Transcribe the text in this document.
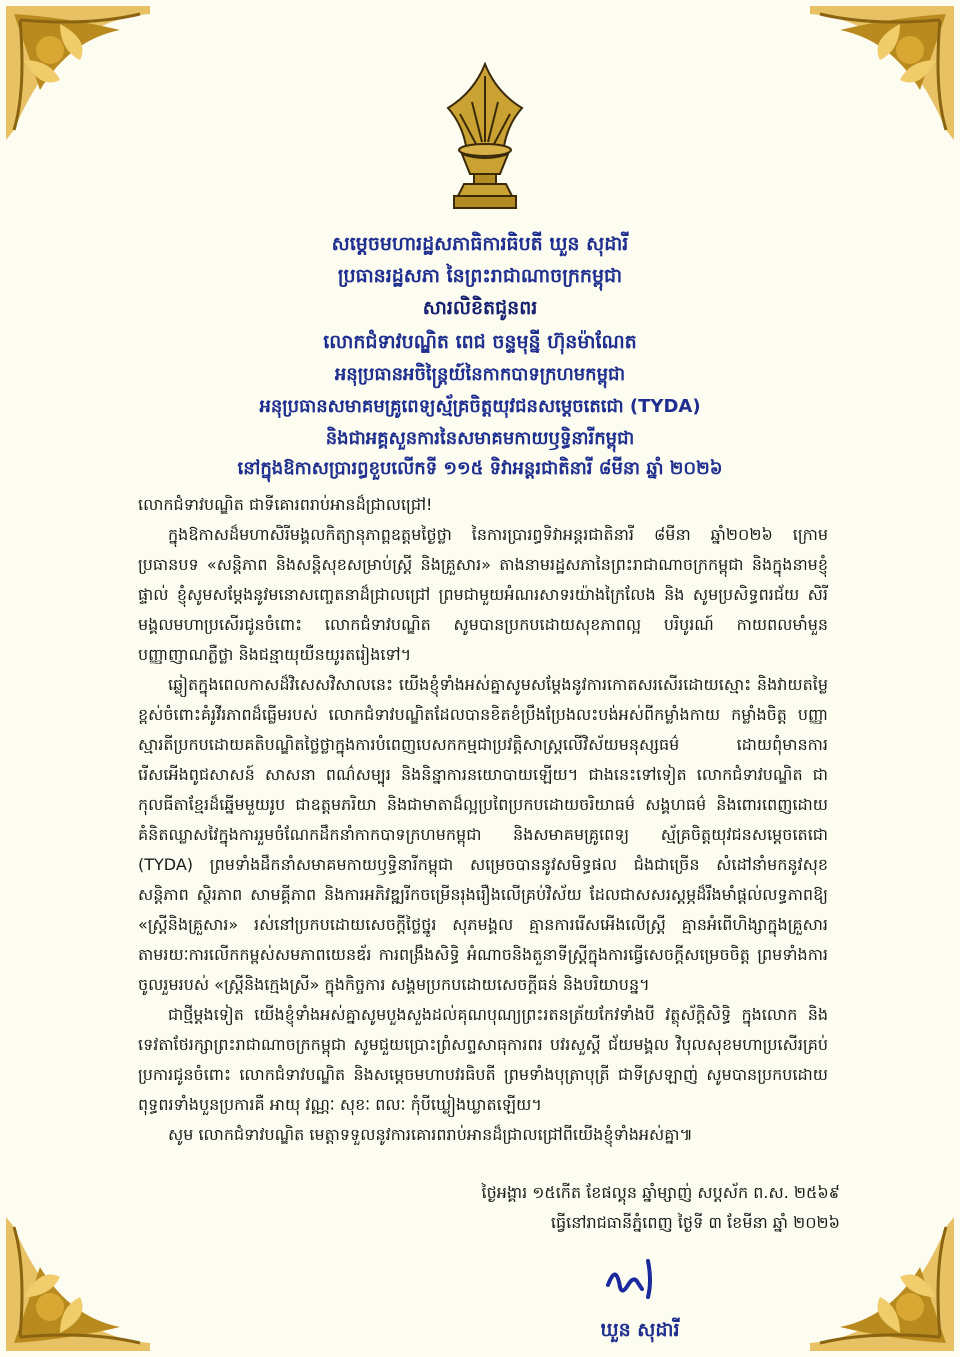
សម្តេចមហារដ្ឋសភាធិការធិបតី ឃួន សុដារី
ប្រធានរដ្ឋសភា នៃព្រះរាជាណាចក្រកម្ពុជា
សារលិខិតជូនពរ
លោកជំទាវបណ្ឌិត ពេជ ចន្ទមុន្នី ហ៊ុនម៉ាណែត
អនុប្រធានអចិន្ត្រៃយ៍នៃកាកបាទក្រហមកម្ពុជា
អនុប្រធានសមាគមគ្រូពេទ្យស្ម័គ្រចិត្តយុវជនសម្តេចតេជោ (TYDA)
និងជាអគ្គសួនការនៃសមាគមកាយឫទ្ធិនារីកម្ពុជា
នៅក្នុងឱកាសប្រារព្ធខួបលើកទី ១១៥ ទិវាអន្តរជាតិនារី ៨មីនា ឆ្នាំ ២០២៦

លោកជំទាវបណ្ឌិត ជាទីគោរពរាប់អានដ៏ជ្រាលជ្រៅ!

ក្នុងឱកាសដ៏មហាសិរីមង្គលកិត្យានុភាព្ពឧត្តមថ្ងៃថ្លា នៃការប្រារព្ធទិវាអន្តរជាតិនារី ៨មីនា ឆ្នាំ២០២៦ ក្រោមប្រធានបទ «សន្តិភាព និងសន្តិសុខសម្រាប់ស្ត្រី និងគ្រួសារ» តាងនាមរដ្ឋសភានៃព្រះរាជាណាចក្រកម្ពុជា និងក្នុងនាមខ្ញុំផ្ទាល់ ខ្ញុំសូមសម្តែងនូវមនោសញ្ចេតនាដ៏ជ្រាលជ្រៅ ព្រមជាមួយអំណរសាទរយ៉ាងក្រៃលែង និង សូមប្រសិទ្ធពរជ័យ សិរីមង្គលមហាប្រសើរជូនចំពោះ លោកជំទាវបណ្ឌិត សូមបានប្រកបដោយសុខភាពល្អ បរិបូរណ៍ កាយពលមាំមួន បញ្ញាញាណភ្លឺថ្លា និងជន្មាយុយឺនយូរតរៀងទៅ។

ឆ្លៀតក្នុងពេលកាសដ៏វិសេសវិសាលនេះ យើងខ្ញុំទាំងអស់គ្នាសូមសម្តែងនូវការកោតសរសើរដោយស្មោះ និងវាយតម្លៃខ្ពស់ចំពោះគំរូវីរភាពដ៏ធ្លើមរបស់ លោកជំទាវបណ្ឌិតដែលបានខិតខំប្រឹងប្រែងលះបង់អស់ពីកម្លាំងកាយ កម្លាំងចិត្ត បញ្ញាស្មារតីប្រកបដោយគតិបណ្ឌិតថ្លៃថ្លាក្នុងការបំពេញបេសកកម្មជាប្រវត្តិសាស្ត្រលើវិស័យមនុស្សធម៌ ដោយពុំមានការរើសអើងពូជសាសន៍ សាសនា ពណ៌សម្បុរ និងនិន្នាការនយោបាយឡើយ។ ជាងនេះទៅទៀត លោកជំទាវបណ្ឌិត ជាកុលធីតាខ្មែរដ៏ឆ្នើមមួយរូប ជាឧត្តមភរិយា និងជាមាតាដ៏ល្អប្រពៃប្រកបដោយចរិយាធម៌ សង្គហធម៌ និងពោរពេញដោយគំនិតឈ្លាសវៃក្នុងការរួមចំណែកដឹកនាំកាកបាទក្រហមកម្ពុជា និងសមាគមគ្រូពេទ្យ ស្ម័គ្រចិត្តយុវជនសម្តេចតេជោ (TYDA) ព្រមទាំងដឹកនាំសមាគមកាយឫទ្ធិនារីកម្ពុជា សម្រេចបាននូវសមិទ្ធផល ជំងជាច្រើន សំដៅនាំមកនូវសុខសន្តិភាព ស្ថិរភាព សាមគ្គីភាព និងការអភិវឌ្ឍរីកចម្រើនរុងរឿងលើគ្រប់វិស័យ ដែលជាសសរស្តម្ភដ៏រឹងមាំផ្តល់លទ្ធភាពឱ្យ «ស្ត្រីនិងគ្រួសារ» រស់នៅប្រកបដោយសេចក្តីថ្លៃថ្នូរ សុភមង្គល គ្មានការរើសអើងលើស្ត្រី គ្មានអំពើហិង្សាក្នុងគ្រួសារ តាមរយៈការលើកកម្ពស់សមភាពយេនឌ័រ ការពង្រឹងសិទ្ធិ អំណាចនិងតួនាទីស្ត្រីក្នុងការធ្វើសេចក្តីសម្រេចចិត្ត ព្រមទាំងការចូលរួមរបស់ «ស្ត្រីនិងក្មេងស្រី» ក្នុងកិច្ចការ សង្គមប្រកបដោយសេចក្តីធន់ និងបរិយាបន្ន។

ជាថ្មីម្តងទៀត យើងខ្ញុំទាំងអស់គ្នាសូមបួងសួងដល់គុណបុណ្យព្រះរតនត្រ័យកែវទាំងបី វត្ថុស័ក្តិសិទ្ធិ ក្នុងលោក និងទេវតាថែរក្សាព្រះរាជាណាចក្រកម្ពុជា សូមជួយប្រោះព្រំសព្ទសាធុការពរ បវរសួស្តី ជ័យមង្គល វិបុលសុខមហាប្រសើរគ្រប់ប្រការជូនចំពោះ លោកជំទាវបណ្ឌិត និងសម្តេចមហាបវរធិបតី ព្រមទាំងបុត្រាបុត្រី ជាទីស្រឡាញ់ សូមបានប្រកបដោយពុទ្ធពរទាំងបួនប្រការគឺ អាយុ វណ្ណៈ សុខៈ ពលៈ កុំបីឃ្លៀងឃ្លាតឡើយ។

សូម លោកជំទាវបណ្ឌិត មេត្តាទទួលនូវការគោរពរាប់អានដ៏ជ្រាលជ្រៅពីយើងខ្ញុំទាំងអស់គ្នា៕

ថ្ងៃអង្គារ ១៥កើត ខែផល្គុន ឆ្នាំម្សាញ់ សប្តស័ក ព.ស. ២៥៦៩
ធ្វើនៅរាជធានីភ្នំពេញ ថ្ងៃទី ៣ ខែមីនា ឆ្នាំ ២០២៦
ឃួន សុដារី
